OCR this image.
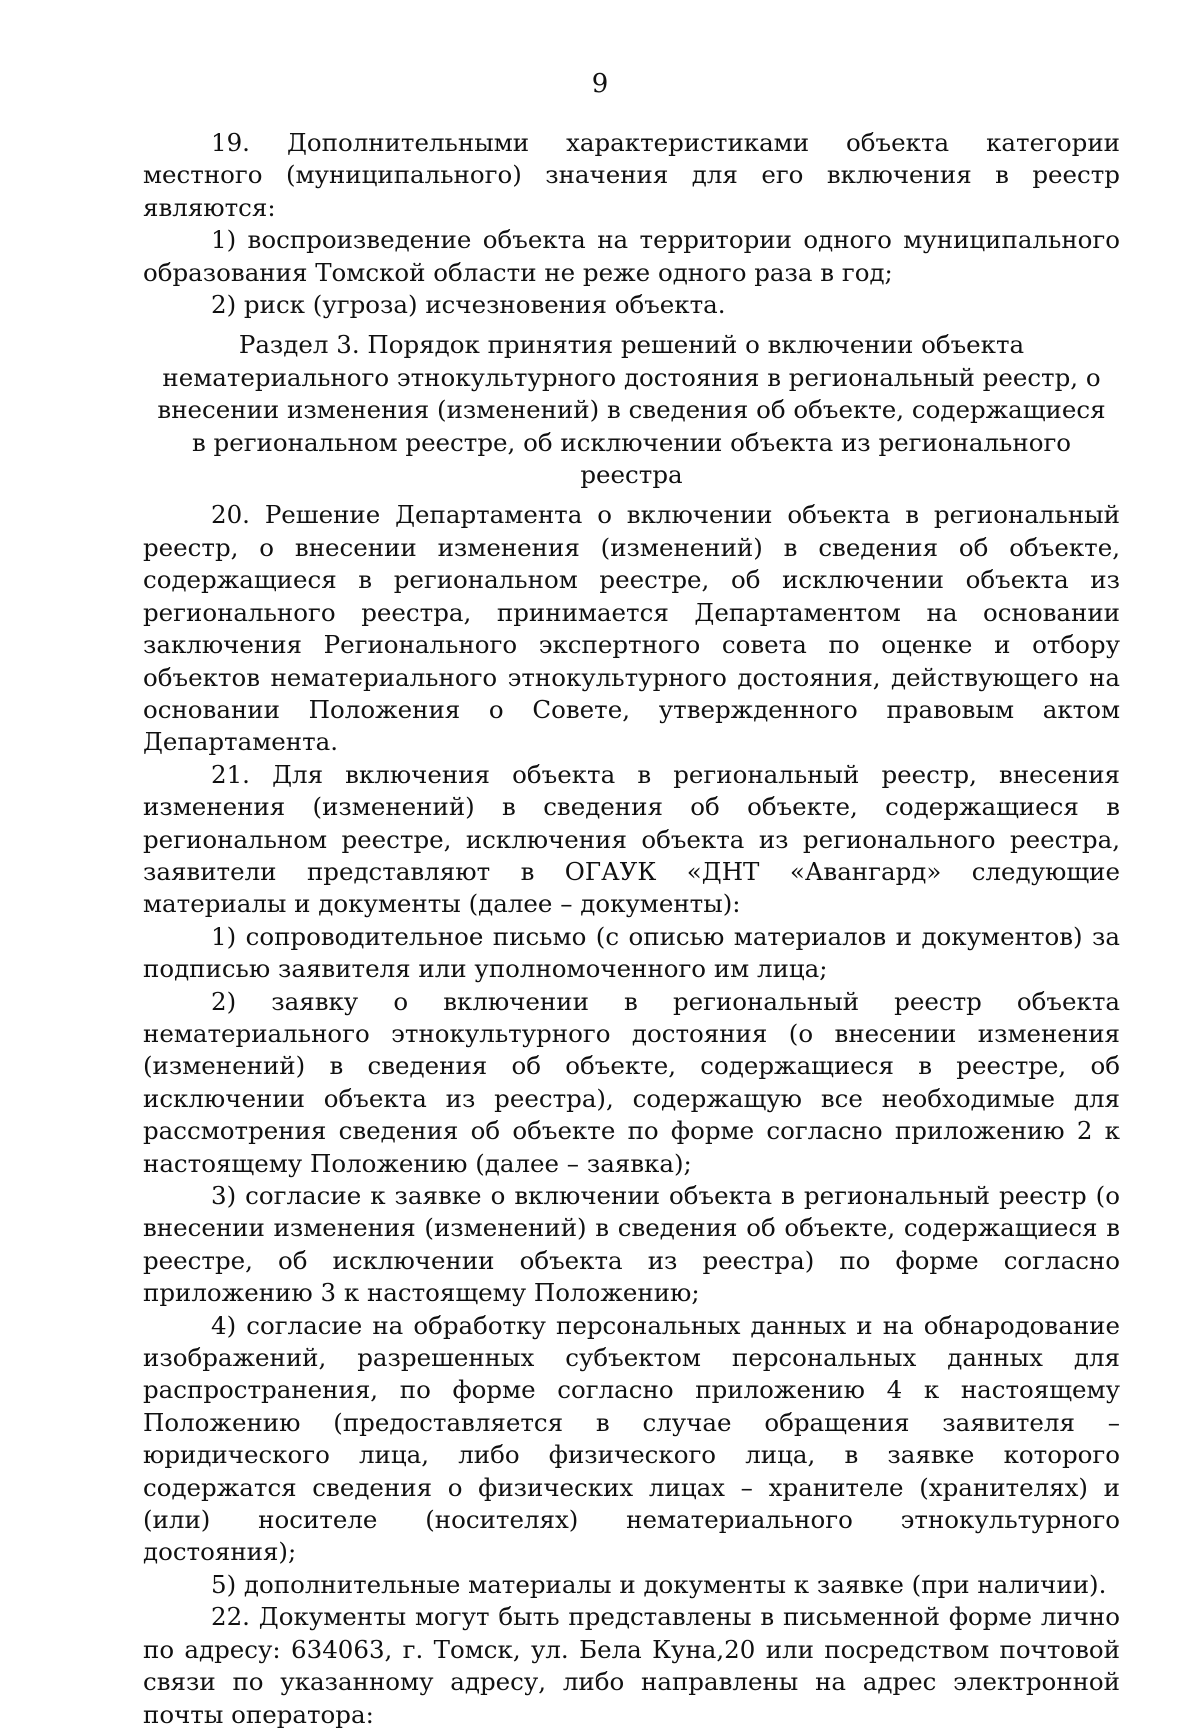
9

19. Дополнительными характеристиками объекта категории местного (муниципального) значения для его включения в реестр являются:

1) воспроизведение объекта на территории одного муниципального образования Томской области не реже одного раза в год;

2) риск (угроза) исчезновения объекта.

Раздел 3. Порядок принятия решений о включении объекта
нематериального этнокультурного достояния в региональный реестр, о
внесении изменения (изменений) в сведения об объекте, содержащиеся
в региональном реестре, об исключении объекта из регионального реестра

20. Решение Департамента о включении объекта в региональный реестр, о внесении изменения (изменений) в сведения об объекте, содержащиеся в региональном реестре, об исключении объекта из регионального реестра, принимается Департаментом на основании заключения Регионального экспертного совета по оценке и отбору объектов нематериального этнокультурного достояния, действующего на основании Положения о Совете, утвержденного правовым актом Департамента.

21. Для включения объекта в региональный реестр, внесения изменения (изменений) в сведения об объекте, содержащиеся в региональном реестре, исключения объекта из регионального реестра, заявители представляют в ОГАУК «ДНТ «Авангард» следующие материалы и документы (далее – документы):

1) сопроводительное письмо (с описью материалов и документов) за подписью заявителя или уполномоченного им лица;

2) заявку о включении в региональный реестр объекта нематериального этнокультурного достояния (о внесении изменения (изменений) в сведения об объекте, содержащиеся в реестре, об исключении объекта из реестра), содержащую все необходимые для рассмотрения сведения об объекте по форме согласно приложению 2 к настоящему Положению (далее – заявка);

3) согласие к заявке о включении объекта в региональный реестр (о внесении изменения (изменений) в сведения об объекте, содержащиеся в реестре, об исключении объекта из реестра) по форме согласно приложению 3 к настоящему Положению;

4) согласие на обработку персональных данных и на обнародование изображений, разрешенных субъектом персональных данных для распространения, по форме согласно приложению 4 к настоящему Положению (предоставляется в случае обращения заявителя – юридического лица, либо физического лица, в заявке которого содержатся сведения о физических лицах – хранителе (хранителях) и (или) носителе (носителях) нематериального этнокультурного достояния);

5) дополнительные материалы и документы к заявке (при наличии).

22. Документы могут быть представлены в письменной форме лично по адресу: 634063, г. Томск, ул. Бела Куна,20 или посредством почтовой связи по указанному адресу, либо направлены на адрес электронной почты оператора:
